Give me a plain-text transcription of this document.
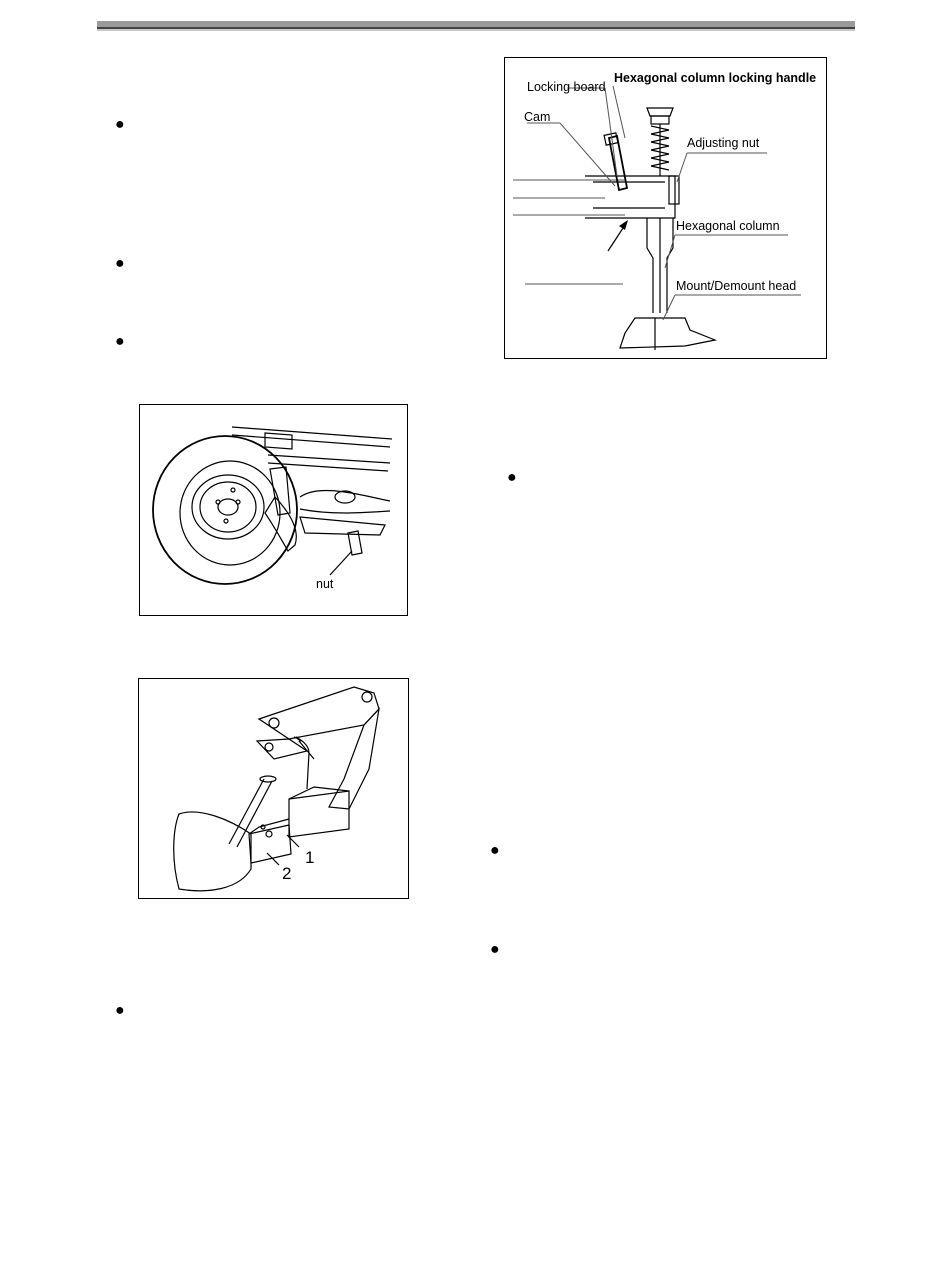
●
●
●
●
●
●
●
Locking board
Hexagonal column locking handle
Cam
Adjusting nut
Hexagonal column
Mount/Demount head
nut
1
2
